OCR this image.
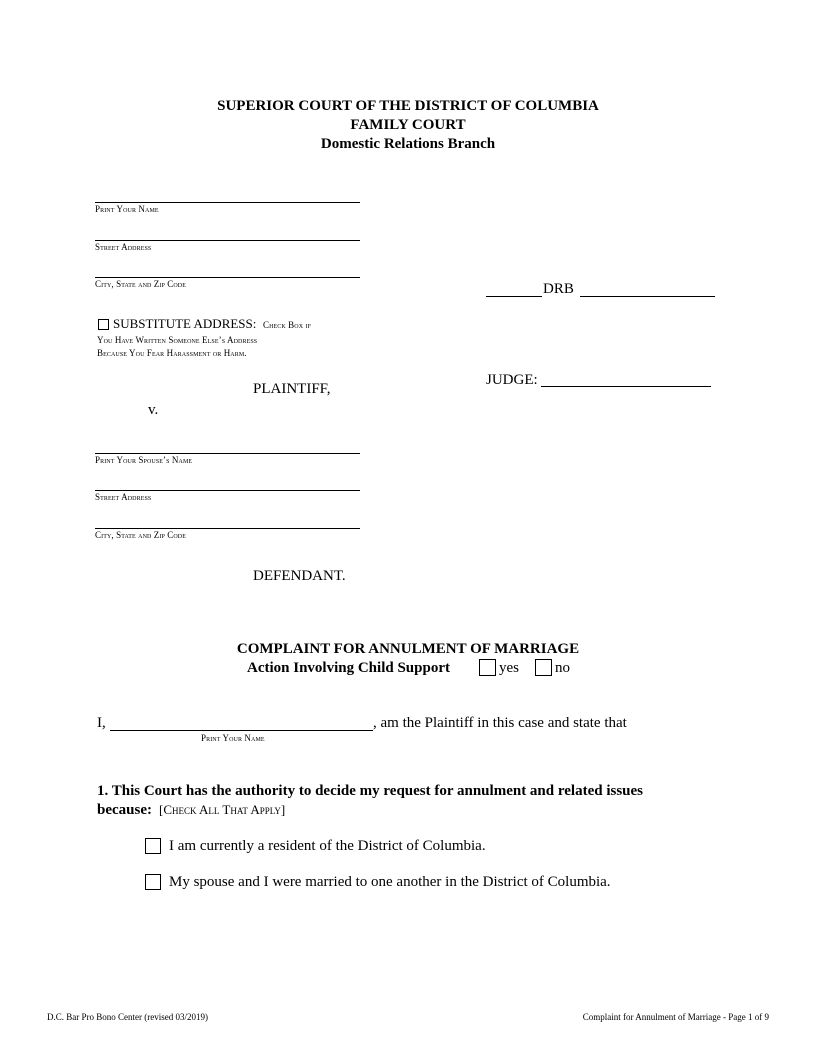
SUPERIOR COURT OF THE DISTRICT OF COLUMBIA
FAMILY COURT
Domestic Relations Branch
Print Your Name
Street Address
City, State and Zip Code
SUBSTITUTE ADDRESS: Check Box if
You Have Written Someone Else’s Address
Because You Fear Harassment or Harm.
PLAINTIFF,
v.
DRB
JUDGE:
Print Your Spouse’s Name
Street Address
City, State and Zip Code
DEFENDANT.
COMPLAINT FOR ANNULMENT OF MARRIAGE
Action Involving Child Support	yes no
I,	, am the Plaintiff in this case and state that
Print Your Name
1. This Court has the authority to decide my request for annulment and related issues
because: [Check All That Apply]
I am currently a resident of the District of Columbia.
My spouse and I were married to one another in the District of Columbia.
D.C. Bar Pro Bono Center (revised 03/2019)	Complaint for Annulment of Marriage - Page 1 of 9
